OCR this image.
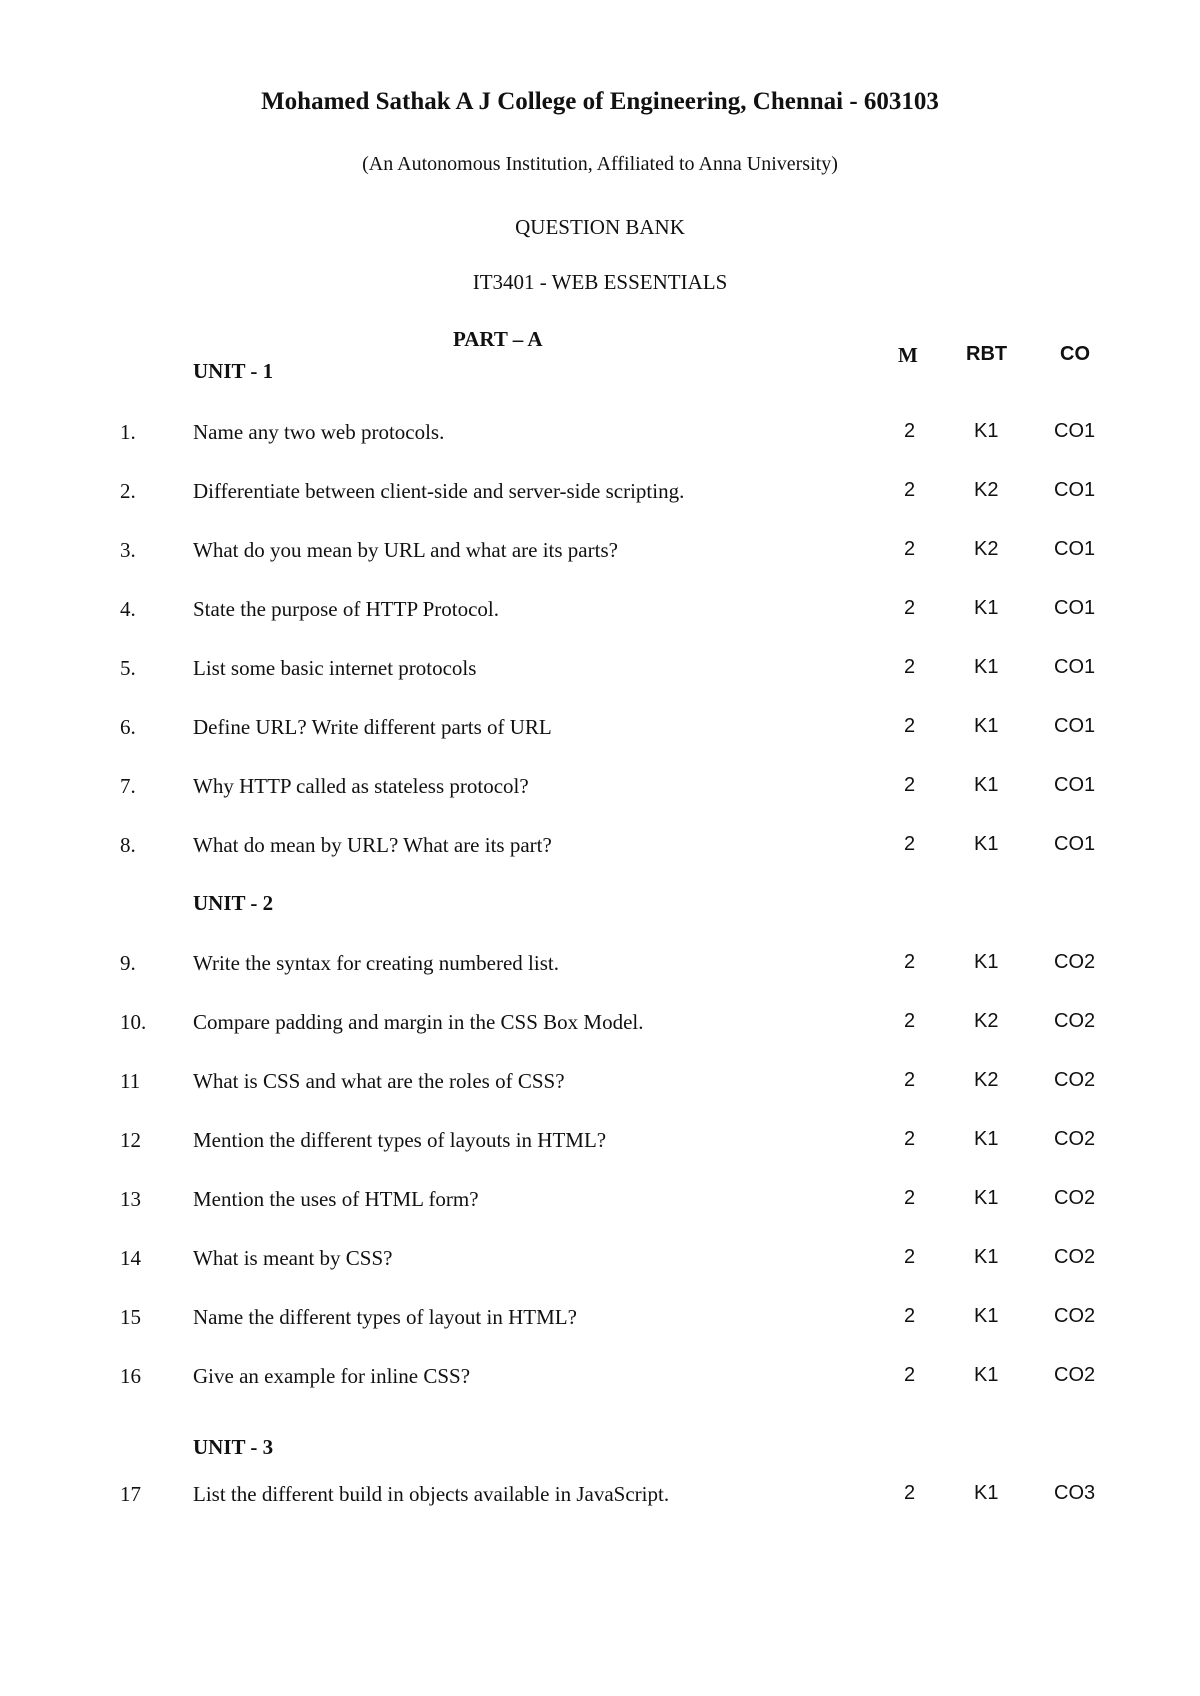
Mohamed Sathak A J College of Engineering, Chennai - 603103
(An Autonomous Institution, Affiliated to Anna University)
QUESTION BANK
IT3401 - WEB ESSENTIALS
PART – A
M RBT	CO
UNIT - 1
1.	Name any two web protocols.	2	K1	CO1
2.	Differentiate between client-side and server-side scripting.	2	K2	CO1
3.	What do you mean by URL and what are its parts?	2	K2	CO1
4.	State the purpose of HTTP Protocol.	2	K1	CO1
5.	List some basic internet protocols	2	K1	CO1
6.	Define URL? Write different parts of URL	2	K1	CO1
7.	Why HTTP called as stateless protocol?	2	K1	CO1
8.	What do mean by URL? What are its part?	2	K1	CO1
UNIT - 2
9.	Write the syntax for creating numbered list.	2	K1	CO2
10. Compare padding and margin in the CSS Box Model.	2	K2	CO2
11	What is CSS and what are the roles of CSS?	2	K2	CO2
12 Mention the different types of layouts in HTML?	2	K1	CO2
13 Mention the uses of HTML form?	2	K1	CO2
14 What is meant by CSS?	2	K1	CO2
15 Name the different types of layout in HTML?	2	K1	CO2
16 Give an example for inline CSS?	2	K1	CO2
UNIT - 3
17 List the different build in objects available in JavaScript.	2	K1	CO3
